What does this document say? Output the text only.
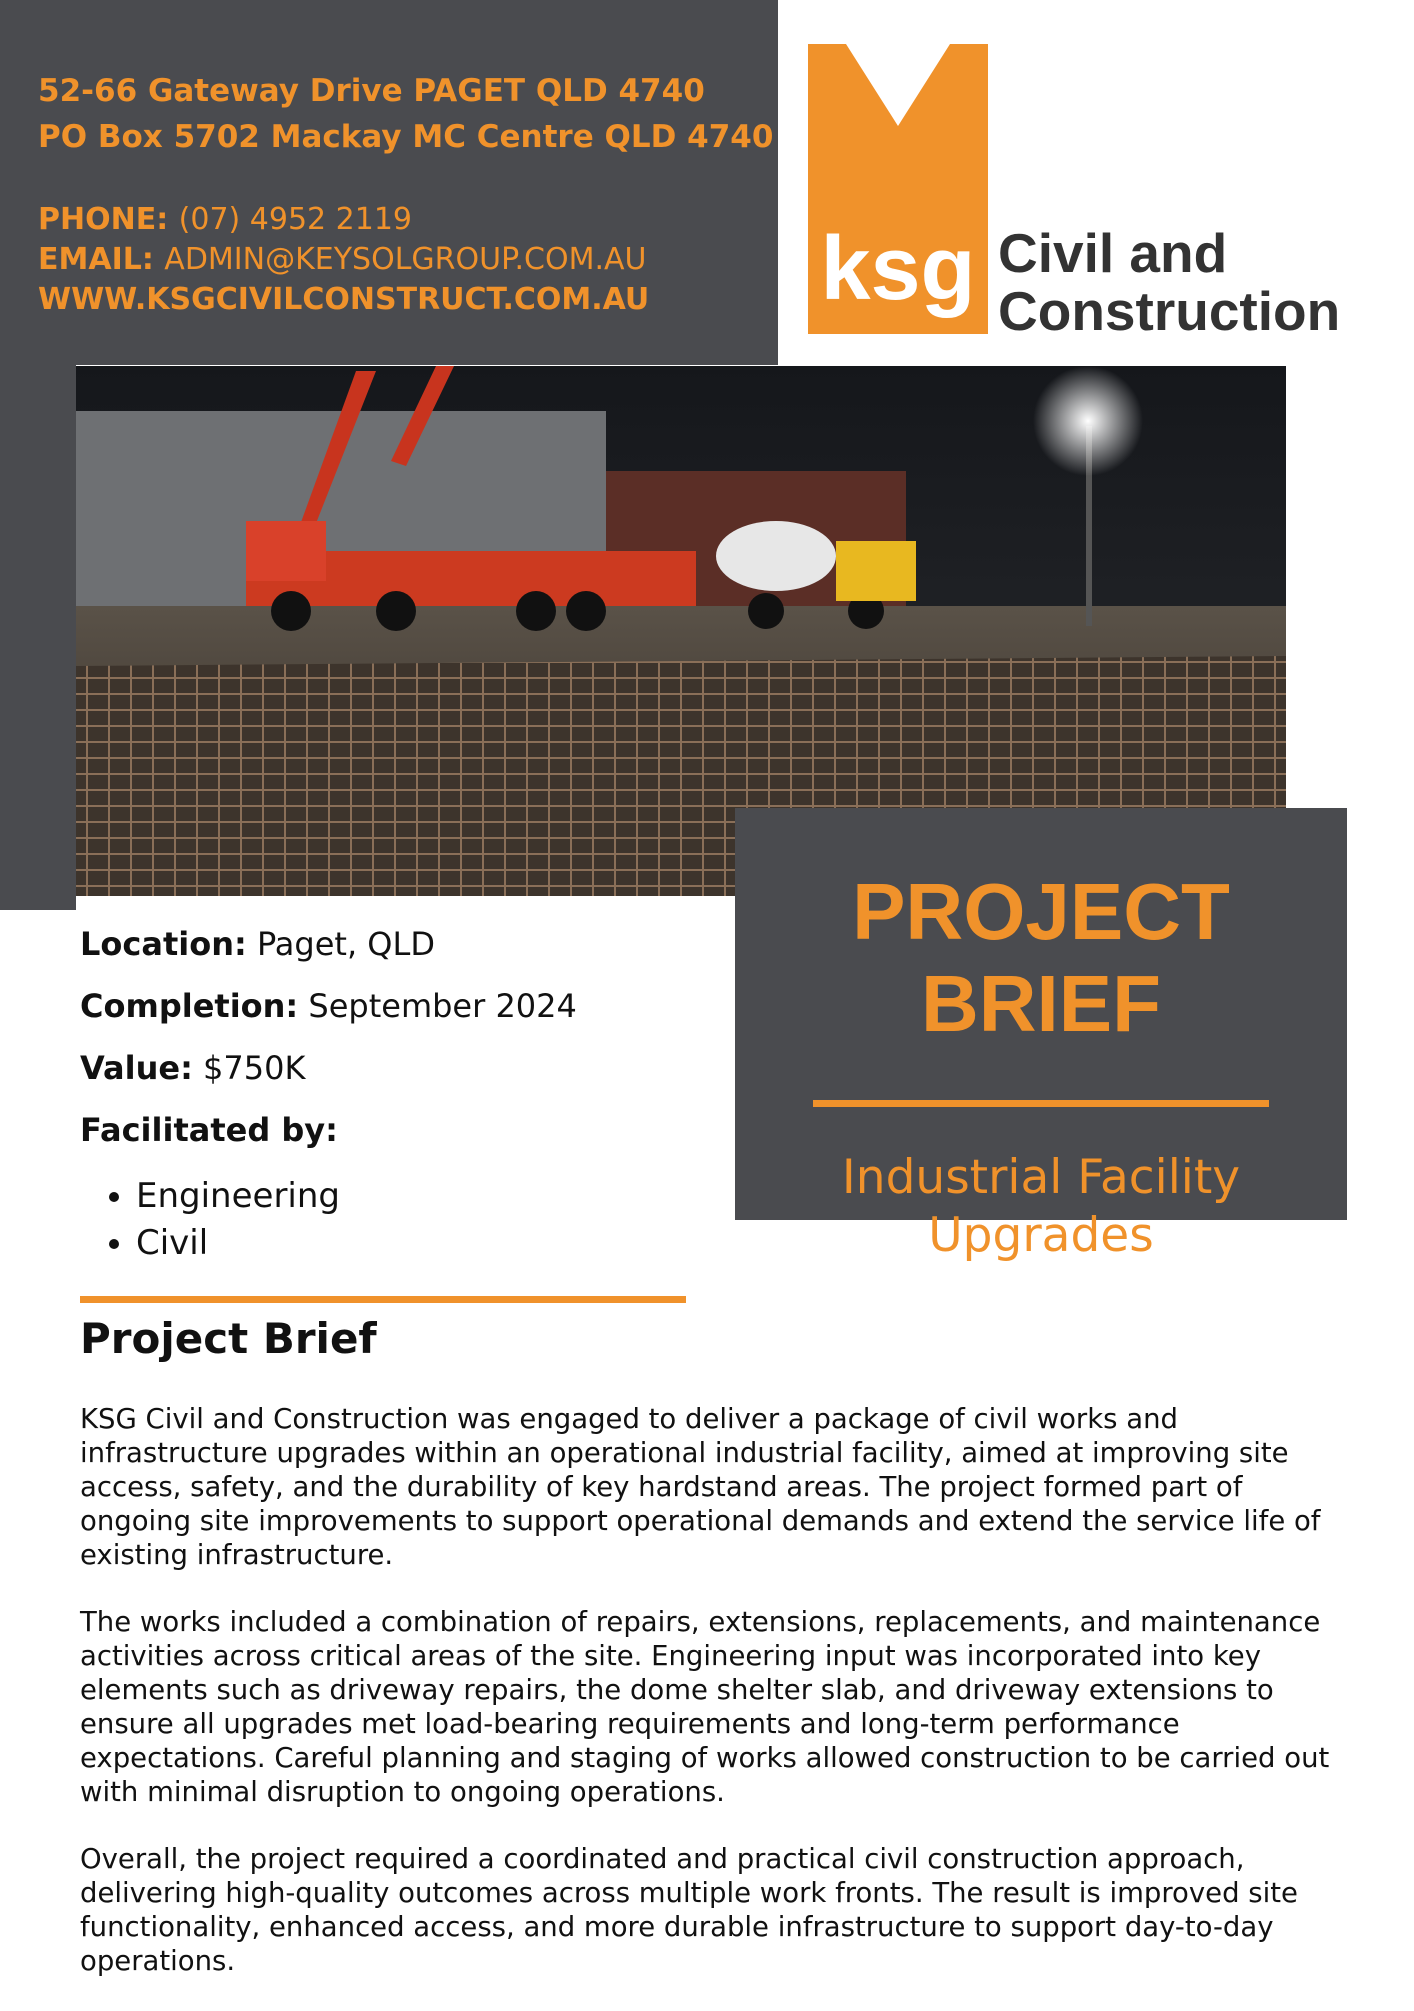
52-66 Gateway Drive PAGET QLD 4740
PO Box 5702 Mackay MC Centre QLD 4740
PHONE: (07) 4952 2119
EMAIL: ADMIN@KEYSOLGROUP.COM.AU
WWW.KSGCIVILCONSTRUCT.COM.AU ksg Civil and
Construction
PROJECT BRIEF
Industrial Facility
Upgrades
Location: Paget, QLD
Completion: September 2024
Value: $750K
Facilitated by:
• Engineering
• Civil
Project Brief

KSG Civil and Construction was engaged to deliver a package of civil works and infrastructure upgrades within an operational industrial facility, aimed at improving site access, safety, and the durability of key hardstand areas. The project formed part of ongoing site improvements to support operational demands and extend the service life of existing infrastructure.

The works included a combination of repairs, extensions, replacements, and maintenance activities across critical areas of the site. Engineering input was incorporated into key elements such as driveway repairs, the dome shelter slab, and driveway extensions to ensure all upgrades met load-bearing requirements and long-term performance expectations. Careful planning and staging of works allowed construction to be carried out with minimal disruption to ongoing operations.

Overall, the project required a coordinated and practical civil construction approach, delivering high-quality outcomes across multiple work fronts. The result is improved site functionality, enhanced access, and more durable infrastructure to support day-to-day operations.
